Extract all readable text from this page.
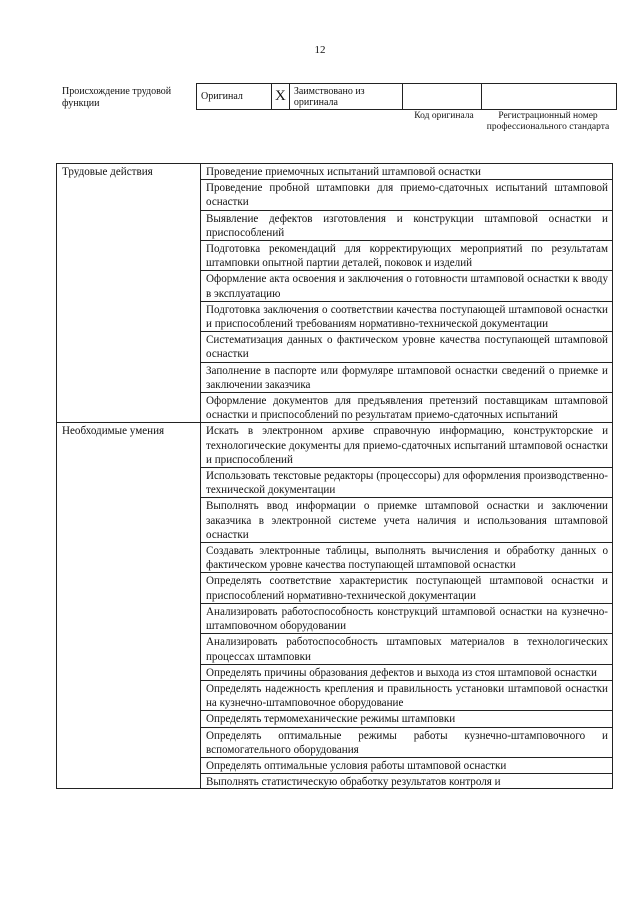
12
Происхождение трудовой функции
Оригинал	X	Заимствовано из оригинала		
Код оригинала	Регистрационный номер профессионального стандарта
Трудовые действия	Проведение приемочных испытаний штамповой оснастки
	Проведение пробной штамповки для приемо-сдаточных испытаний штамповой оснастки
	Выявление дефектов изготовления и конструкции штамповой оснастки и приспособлений
	Подготовка рекомендаций для корректирующих мероприятий по результатам штамповки опытной партии деталей, поковок и изделий
	Оформление акта освоения и заключения о готовности штамповой оснастки к вводу в эксплуатацию
	Подготовка заключения о соответствии качества поступающей штамповой оснастки и приспособлений требованиям нормативно-технической документации
	Систематизация данных о фактическом уровне качества поступающей штамповой оснастки
	Заполнение в паспорте или формуляре штамповой оснастки сведений о приемке и заключении заказчика
	Оформление документов для предъявления претензий поставщикам штамповой оснастки и приспособлений по результатам приемо-сдаточных испытаний
Необходимые умения	Искать в электронном архиве справочную информацию, конструкторские и технологические документы для приемо-сдаточных испытаний штамповой оснастки и приспособлений
	Использовать текстовые редакторы (процессоры) для оформления производственно-технической документации
	Выполнять ввод информации о приемке штамповой оснастки и заключении заказчика в электронной системе учета наличия и использования штамповой оснастки
	Создавать электронные таблицы, выполнять вычисления и обработку данных о фактическом уровне качества поступающей штамповой оснастки
	Определять соответствие характеристик поступающей штамповой оснастки и приспособлений нормативно-технической документации
	Анализировать работоспособность конструкций штамповой оснастки на кузнечно-штамповочном оборудовании
	Анализировать работоспособность штамповых материалов в технологических процессах штамповки
	Определять причины образования дефектов и выхода из стоя штамповой оснастки
	Определять надежность крепления и правильность установки штамповой оснастки на кузнечно-штамповочное оборудование
	Определять термомеханические режимы штамповки
	Определять оптимальные режимы работы кузнечно-штамповочного и вспомогательного оборудования
	Определять оптимальные условия работы штамповой оснастки

	Выполнять статистическую обработку результатов контроля и
